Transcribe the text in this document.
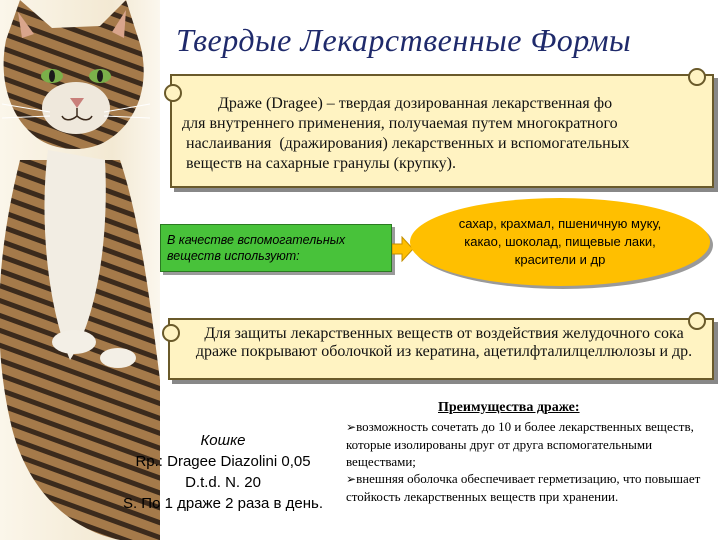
Твердые Лекарственные Формы
Драже (Dragee) – твердая дозированная лекарственная фо
для внутреннего применения, получаемая путем многократного
наслаивания  (дражирования) лекарственных и вспомогательных
веществ на сахарные гранулы (крупку).
В качестве вспомогательных веществ используют:
сахар, крахмал, пшеничную муку, какао, шоколад, пищевые лаки, красители и др
Для защиты лекарственных веществ от воздействия желудочного сока драже покрывают оболочкой из кератина, ацетилфталилцеллюлозы и др.
Преимущества драже:
➢возможность сочетать до 10 и более лекарственных веществ, которые изолированы друг от друга вспомогательными веществами;
➢внешняя оболочка обеспечивает герметизацию, что повышает стойкость лекарственных веществ при хранении.
Кошке
Rp.: Dragee Diazolini 0,05
D.t.d. N. 20
S. По 1 драже 2 раза в день.
